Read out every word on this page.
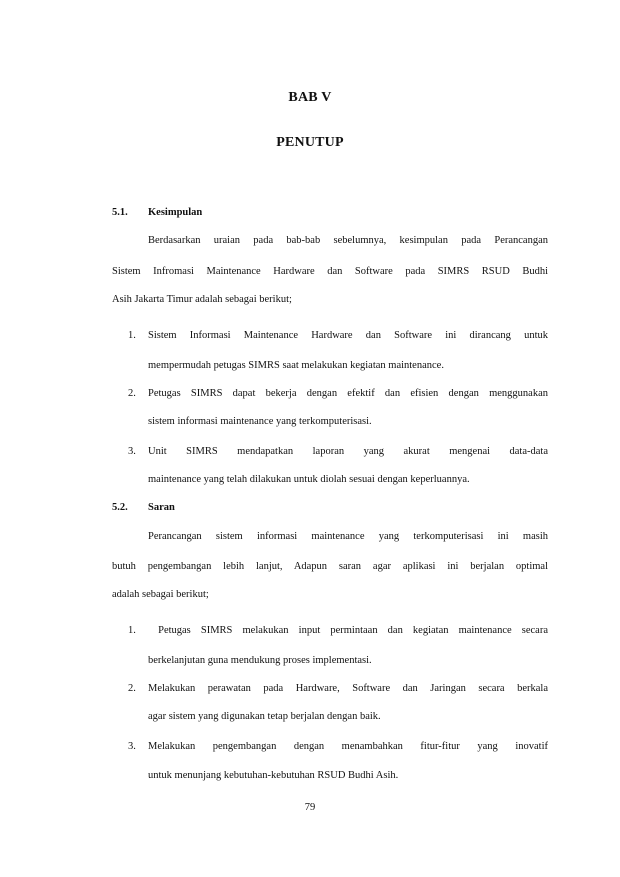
BAB V
PENUTUP
5.1. Kesimpulan
Berdasarkan uraian pada bab-bab sebelumnya, kesimpulan pada Perancangan
Sistem Infromasi Maintenance Hardware dan Software pada SIMRS RSUD Budhi
Asih Jakarta Timur adalah sebagai berikut;
1. Sistem Informasi Maintenance Hardware dan Software ini dirancang untuk
mempermudah petugas SIMRS saat melakukan kegiatan maintenance.
2. Petugas SIMRS dapat bekerja dengan efektif dan efisien dengan menggunakan
sistem informasi maintenance yang terkomputerisasi.
3. Unit SIMRS mendapatkan laporan yang akurat mengenai data-data
maintenance yang telah dilakukan untuk diolah sesuai dengan keperluannya.
5.2. Saran
Perancangan sistem informasi maintenance yang terkomputerisasi ini masih
butuh pengembangan lebih lanjut, Adapun saran agar aplikasi ini berjalan optimal
adalah sebagai berikut;
1. Petugas SIMRS melakukan input permintaan dan kegiatan maintenance secara
berkelanjutan guna mendukung proses implementasi.
2. Melakukan perawatan pada Hardware, Software dan Jaringan secara berkala
agar sistem yang digunakan tetap berjalan dengan baik.
3. Melakukan pengembangan dengan menambahkan fitur-fitur yang inovatif
untuk menunjang kebutuhan-kebutuhan RSUD Budhi Asih.
79
